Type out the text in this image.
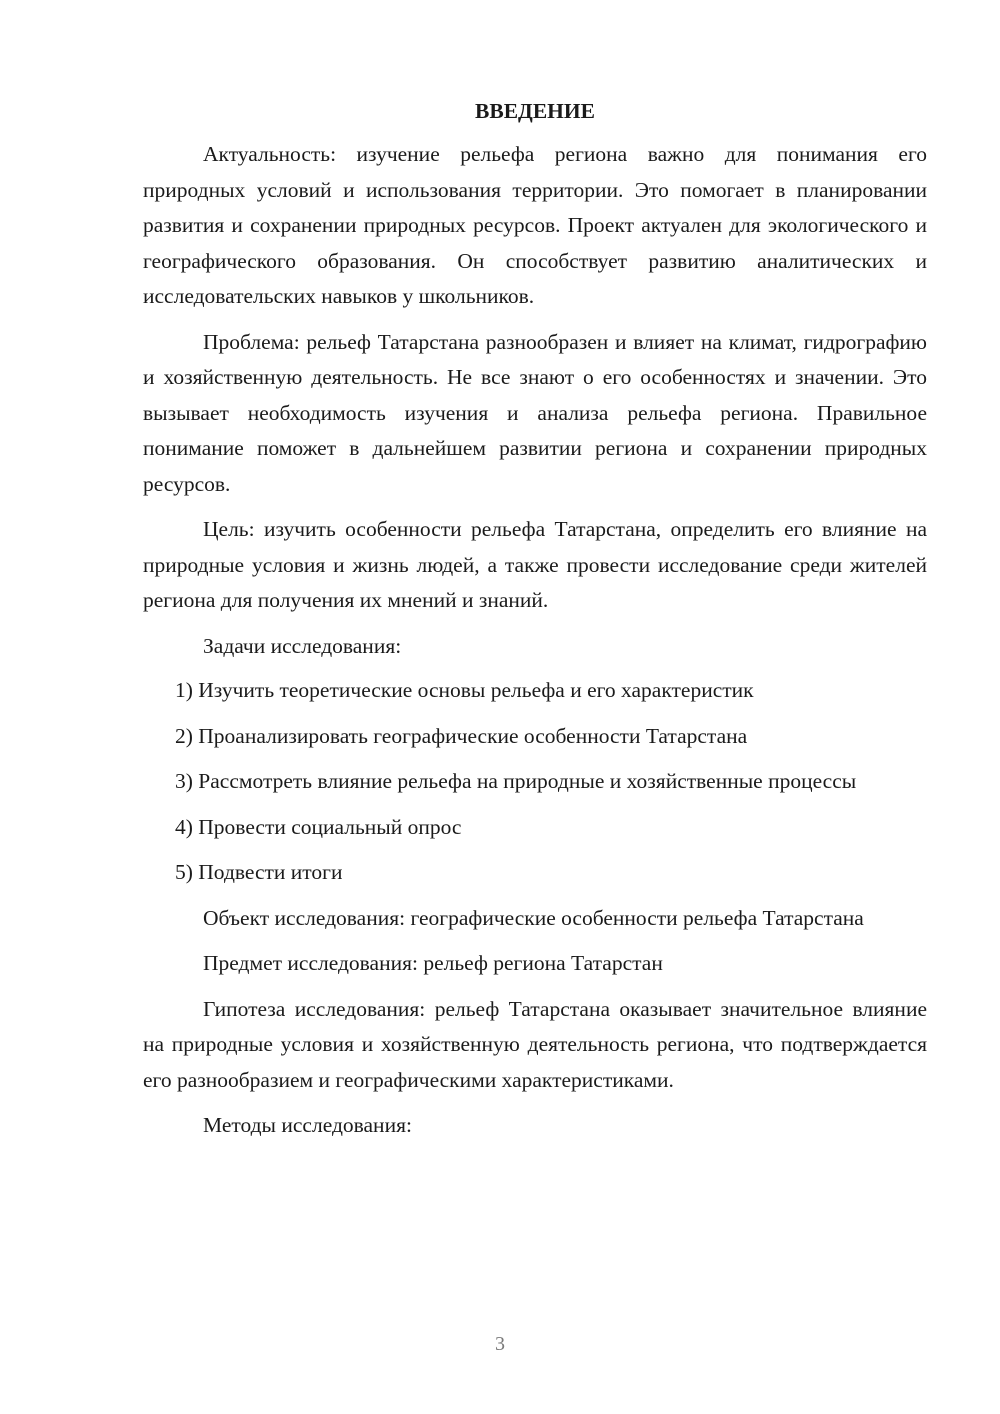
ВВЕДЕНИЕ

Актуальность: изучение рельефа региона важно для понимания его природных условий и использования территории. Это помогает в планировании развития и сохранении природных ресурсов. Проект актуален для экологического и географического образования. Он способствует развитию аналитических и исследовательских навыков у школьников.

Проблема: рельеф Татарстана разнообразен и влияет на климат, гидрографию и хозяйственную деятельность. Не все знают о его особенностях и значении. Это вызывает необходимость изучения и анализа рельефа региона. Правильное понимание поможет в дальнейшем развитии региона и сохранении природных ресурсов.

Цель: изучить особенности рельефа Татарстана, определить его влияние на природные условия и жизнь людей, а также провести исследование среди жителей региона для получения их мнений и знаний.

Задачи исследования:

1) Изучить теоретические основы рельефа и его характеристик

2) Проанализировать географические особенности Татарстана

3) Рассмотреть влияние рельефа на природные и хозяйственные процессы

4) Провести социальный опрос

5) Подвести итоги

Объект исследования: географические особенности рельефа Татарстана

Предмет исследования: рельеф региона Татарстан

Гипотеза исследования: рельеф Татарстана оказывает значительное влияние на природные условия и хозяйственную деятельность региона, что подтверждается его разнообразием и географическими характеристиками.

Методы исследования:

3
